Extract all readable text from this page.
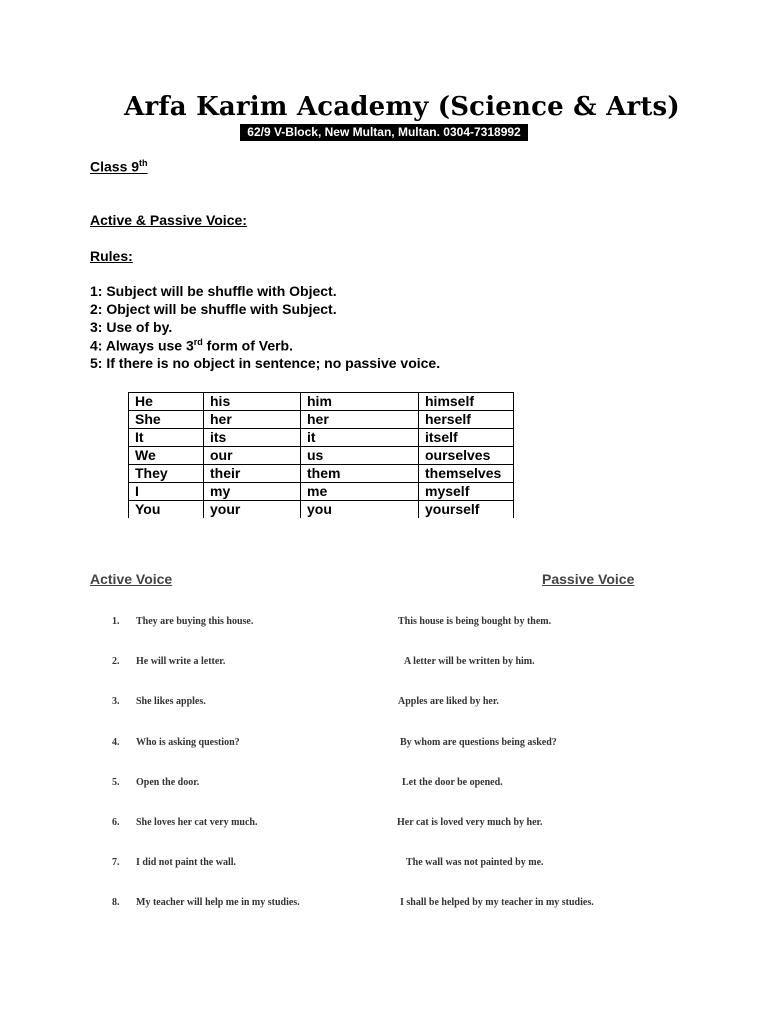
Arfa Karim Academy (Science & Arts)
62/9 V-Block, New Multan, Multan. 0304-7318992
Class 9th
Active & Passive Voice:
Rules:
1: Subject will be shuffle with Object.
2: Object will be shuffle with Subject.
3: Use of by.
4: Always use 3rd form of Verb.
5: If there is no object in sentence; no passive voice.
He	his	him	himself
She	her	her	herself
It	its	it	itself
We	our	us	ourselves
They	their	them	themselves
I	my	me	myself
You	your	you	yourself
Active Voice	Passive Voice
1. They are buying this house.	This house is being bought by them.
2. He will write a letter.	A letter will be written by him.
3. She likes apples.	Apples are liked by her.
4. Who is asking question?	By whom are questions being asked?
5. Open the door.	Let the door be opened.
6. She loves her cat very much.	Her cat is loved very much by her.
7. I did not paint the wall.	The wall was not painted by me.
8. My teacher will help me in my studies.	I shall be helped by my teacher in my studies.
